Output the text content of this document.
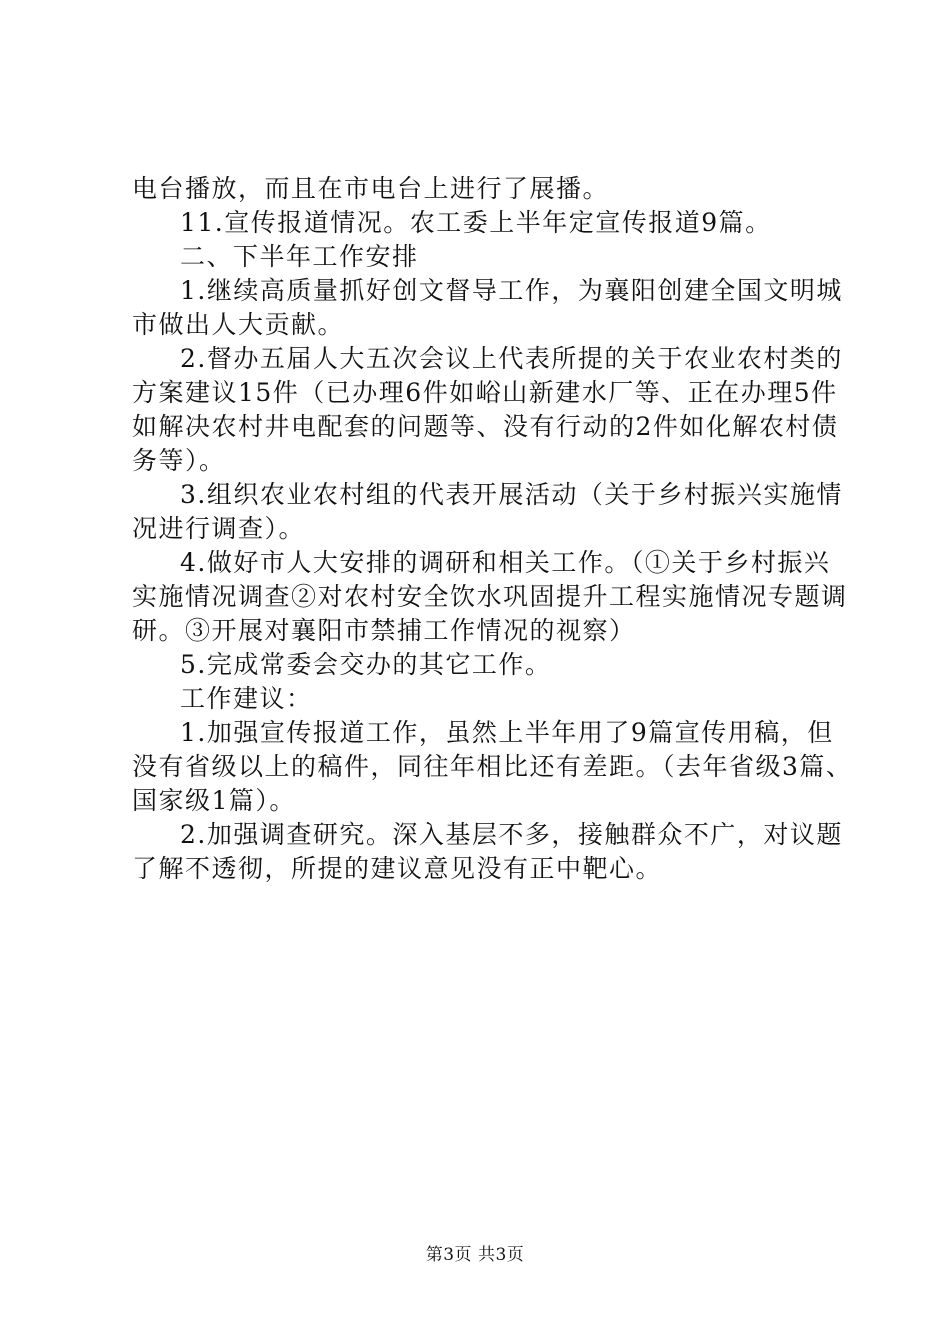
电台播放，而且在市电台上进行了展播。
11.宣传报道情况。农工委上半年定宣传报道9篇。
二、下半年工作安排
1.继续高质量抓好创文督导工作，为襄阳创建全国文明城
市做出人大贡献。
2.督办五届人大五次会议上代表所提的关于农业农村类的
方案建议15件（已办理6件如峪山新建水厂等、正在办理5件
如解决农村井电配套的问题等、没有行动的2件如化解农村债
务等）。
3.组织农业农村组的代表开展活动（关于乡村振兴实施情
况进行调查）。
4.做好市人大安排的调研和相关工作。（①关于乡村振兴
实施情况调查②对农村安全饮水巩固提升工程实施情况专题调
研。③开展对襄阳市禁捕工作情况的视察）
5.完成常委会交办的其它工作。
工作建议：
1.加强宣传报道工作，虽然上半年用了9篇宣传用稿，但
没有省级以上的稿件，同往年相比还有差距。（去年省级3篇、
国家级1篇）。
2.加强调查研究。深入基层不多，接触群众不广，对议题
了解不透彻，所提的建议意见没有正中靶心。
第3页 共3页
